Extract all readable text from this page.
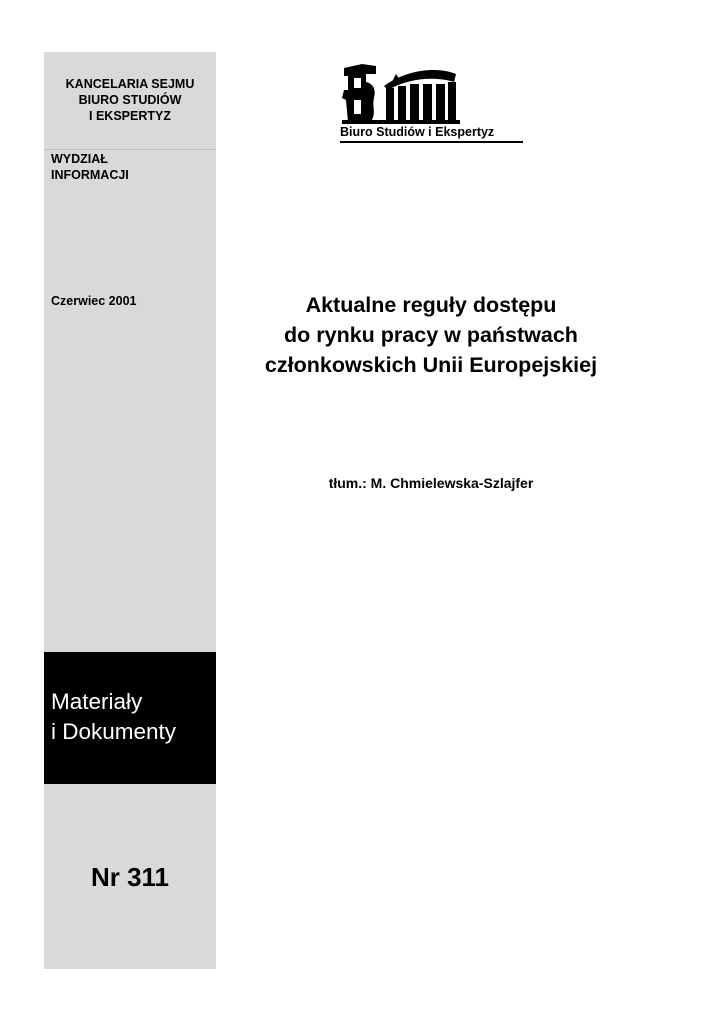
KANCELARIA SEJMU
BIURO STUDIÓW
I EKSPERTYZ
WYDZIAŁ
INFORMACJI
Czerwiec 2001
Materiały
i Dokumenty
Nr 311
Biuro Studiów i Ekspertyz
Aktualne reguły dostępu
do rynku pracy w państwach
członkowskich Unii Europejskiej
tłum.: M. Chmielewska-Szlajfer
